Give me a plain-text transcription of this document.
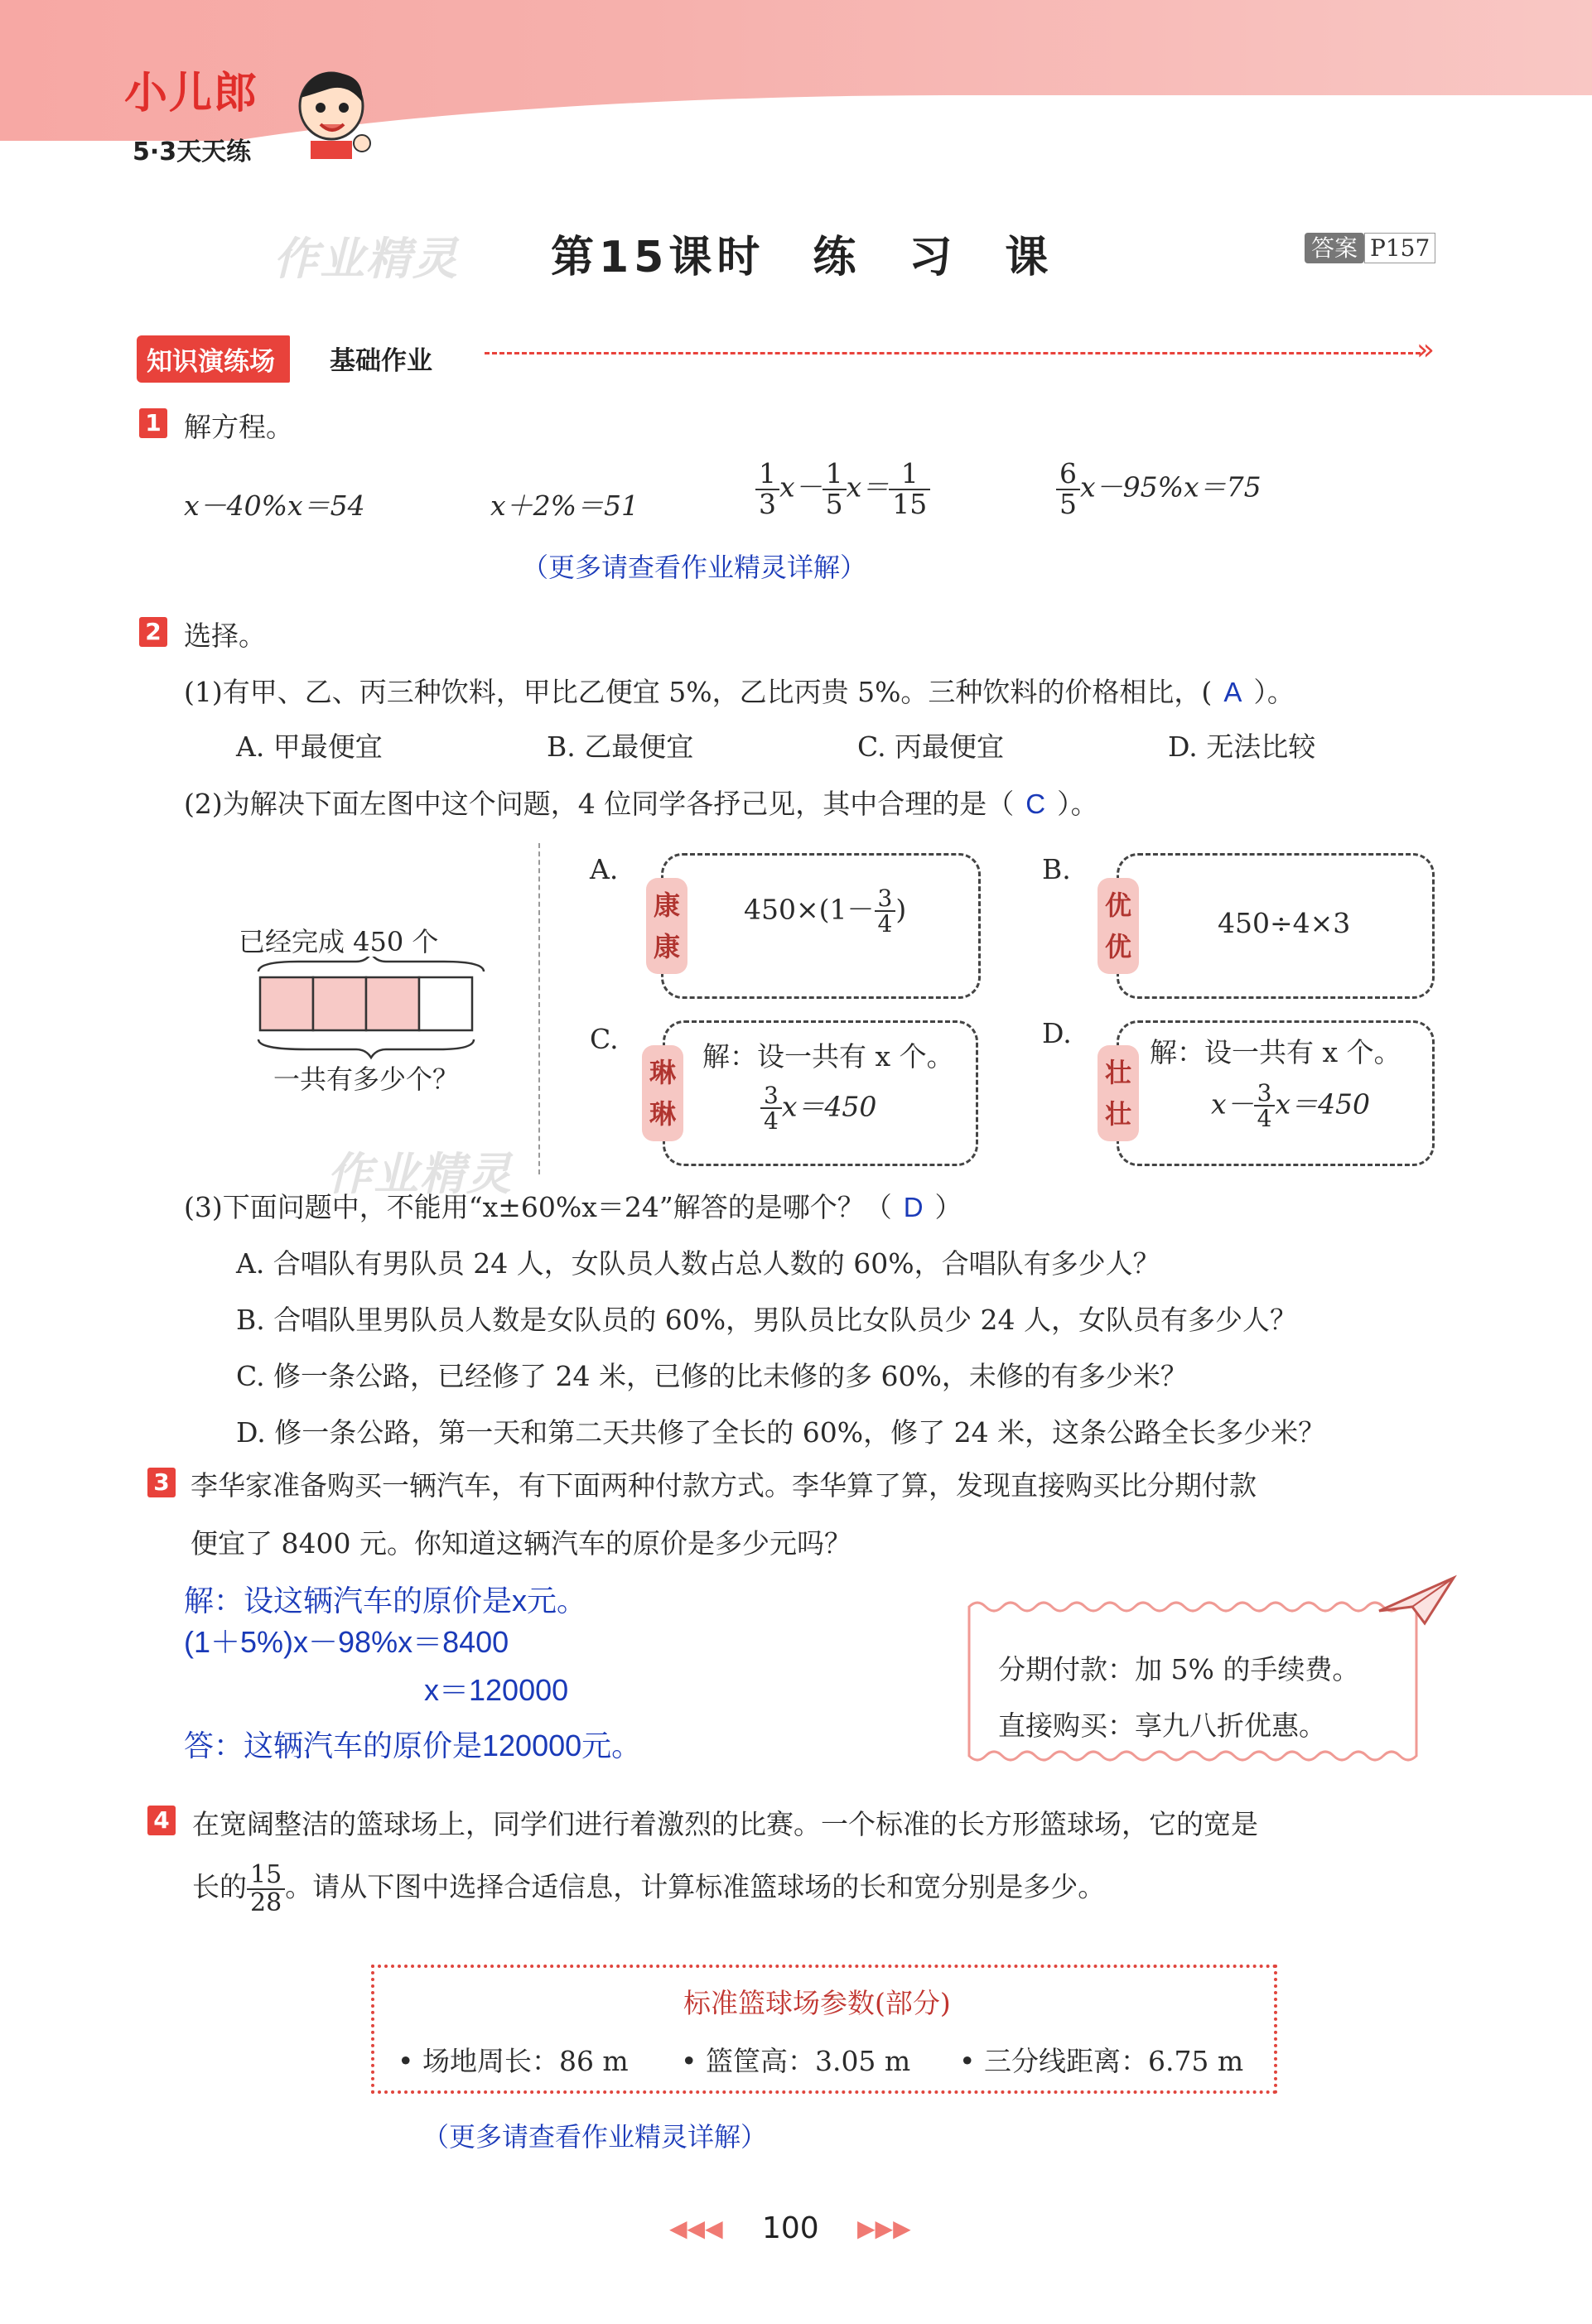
小儿郎
5·3天天练
作业精灵 第15课时　练　习　课	答案 P157
知识演练场	基础作业	»
1 解方程。
x－40%x＝54	x＋2%＝51	$\frac{1}{3} x- \frac{1}{5} x= \frac{1}{15}$	$\frac{6}{5} x-95\%x=75$
（更多请查看作业精灵详解）
2 选择。
(1)有甲、乙、丙三种饮料，甲比乙便宜 5%，乙比丙贵 5%。三种饮料的价格相比，( A ）。
A. 甲最便宜	B. 乙最便宜	C. 丙最便宜	D. 无法比较
(2)为解决下面左图中这个问题，4 位同学各抒己见，其中合理的是（ C ）。
已经完成 450 个
一共有多少个？
作业精灵
A.
康
康
$450\times(1- \frac{3}{4}$ )
B.
优
优
450÷4×3
C.
琳
琳
解：设一共有 x 个。
$\frac{3}{4} x=450$
D.
壮
壮
解：设一共有 x 个。
$x- \frac{3}{4} x=450$
(3)下面问题中，不能用“x±60%x＝24”解答的是哪个？（ D ）
A. 合唱队有男队员 24 人，女队员人数占总人数的 60%，合唱队有多少人？
B. 合唱队里男队员人数是女队员的 60%，男队员比女队员少 24 人，女队员有多少人？
C. 修一条公路，已经修了 24 米，已修的比未修的多 60%，未修的有多少米？
D. 修一条公路，第一天和第二天共修了全长的 60%，修了 24 米，这条公路全长多少米？
3 李华家准备购买一辆汽车，有下面两种付款方式。李华算了算，发现直接购买比分期付款
便宜了 8400 元。你知道这辆汽车的原价是多少元吗？
解：设这辆汽车的原价是x元。
(1＋5%)x－98%x＝8400
x＝120000
答：这辆汽车的原价是120000元。
分期付款：加 5% 的手续费。
直接购买：享九八折优惠。
4 在宽阔整洁的篮球场上，同学们进行着激烈的比赛。一个标准的长方形篮球场，它的宽是
长的 $\frac{15}{28}$ 。请从下图中选择合适信息，计算标准篮球场的长和宽分别是多少。
标准篮球场参数(部分)
• 场地周长：86 m • 篮筐高：3.05 m • 三分线距离：6.75 m
（更多请查看作业精灵详解）
◀◀◀ 100 ▶▶▶
